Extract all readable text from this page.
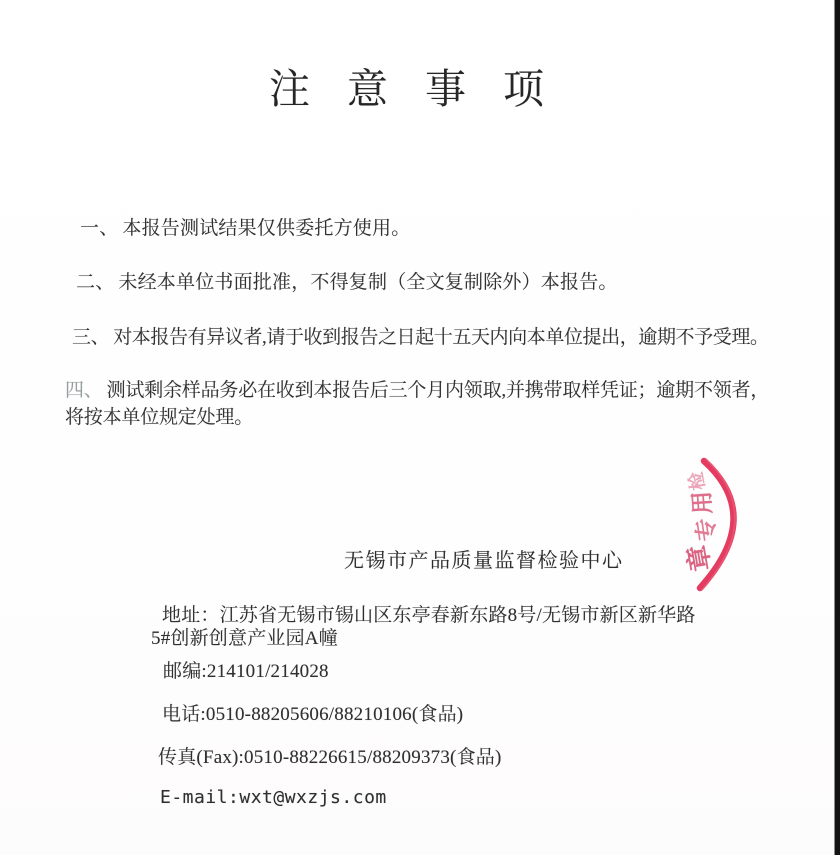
注意事项

一、 本报告测试结果仅供委托方使用。

二、 未经本单位书面批准，不得复制（全文复制除外）本报告。

三、 对本报告有异议者,请于收到报告之日起十五天内向本单位提出，逾期不予受理。

四、 测试剩余样品务必在收到本报告后三个月内领取,并携带取样凭证；逾期不领者，
将按本单位规定处理。

检
用
专
章

无锡市产品质量监督检验中心

地址：江苏省无锡市锡山区东亭春新东路8号/无锡市新区新华路

5#创新创意产业园A幢

邮编:214101/214028

电话:0510-88205606/88210106(食品)

传真(Fax):0510-88226615/88209373(食品)

E-mail:wxt@wxzjs.com
